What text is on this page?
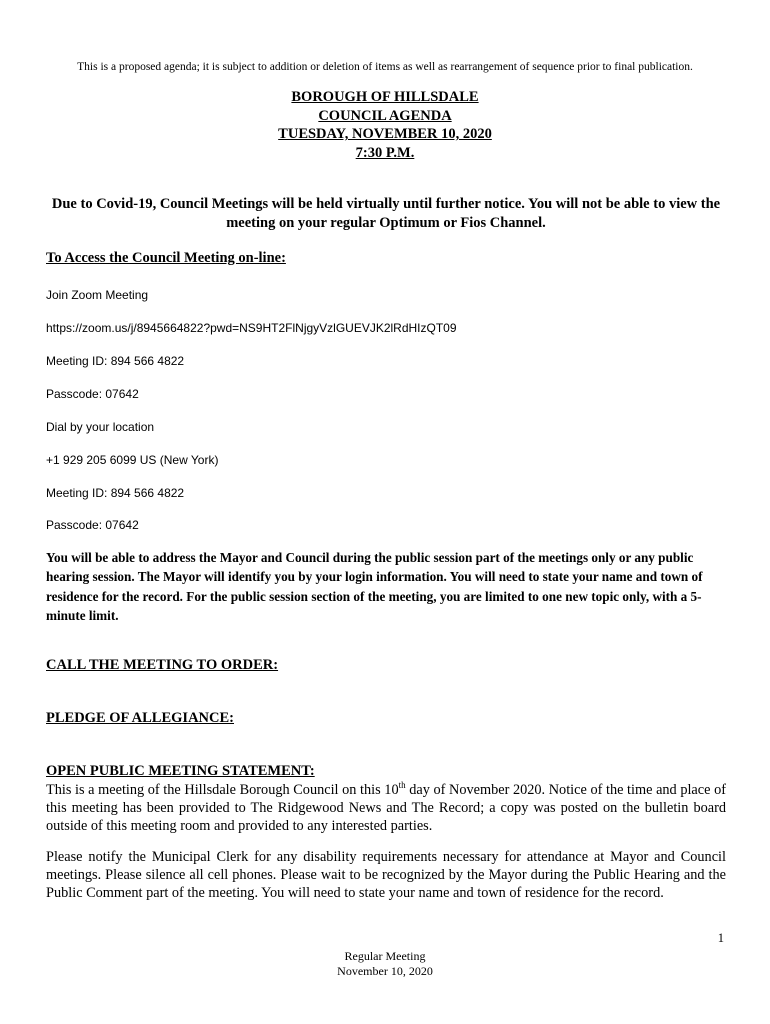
This is a proposed agenda; it is subject to addition or deletion of items as well as rearrangement of sequence prior to final publication.
BOROUGH OF HILLSDALE
COUNCIL AGENDA
TUESDAY, NOVEMBER 10, 2020
7:30 P.M.
Due to Covid-19, Council Meetings will be held virtually until further notice. You will not be able to view the meeting on your regular Optimum or Fios Channel.
To Access the Council Meeting on-line:
Join Zoom Meeting
https://zoom.us/j/8945664822?pwd=NS9HT2FlNjgyVzlGUEVJK2lRdHIzQT09
Meeting ID: 894 566 4822
Passcode: 07642
Dial by your location
+1 929 205 6099 US (New York)
Meeting ID: 894 566 4822
Passcode: 07642
You will be able to address the Mayor and Council during the public session part of the meetings only or any public hearing session. The Mayor will identify you by your login information. You will need to state your name and town of residence for the record. For the public session section of the meeting, you are limited to one new topic only, with a 5-minute limit.
CALL THE MEETING TO ORDER:
PLEDGE OF ALLEGIANCE:
OPEN PUBLIC MEETING STATEMENT:
This is a meeting of the Hillsdale Borough Council on this 10th day of November 2020. Notice of the time and place of this meeting has been provided to The Ridgewood News and The Record; a copy was posted on the bulletin board outside of this meeting room and provided to any interested parties.
Please notify the Municipal Clerk for any disability requirements necessary for attendance at Mayor and Council meetings. Please silence all cell phones. Please wait to be recognized by the Mayor during the Public Hearing and the Public Comment part of the meeting. You will need to state your name and town of residence for the record.
1
Regular Meeting
November 10, 2020
